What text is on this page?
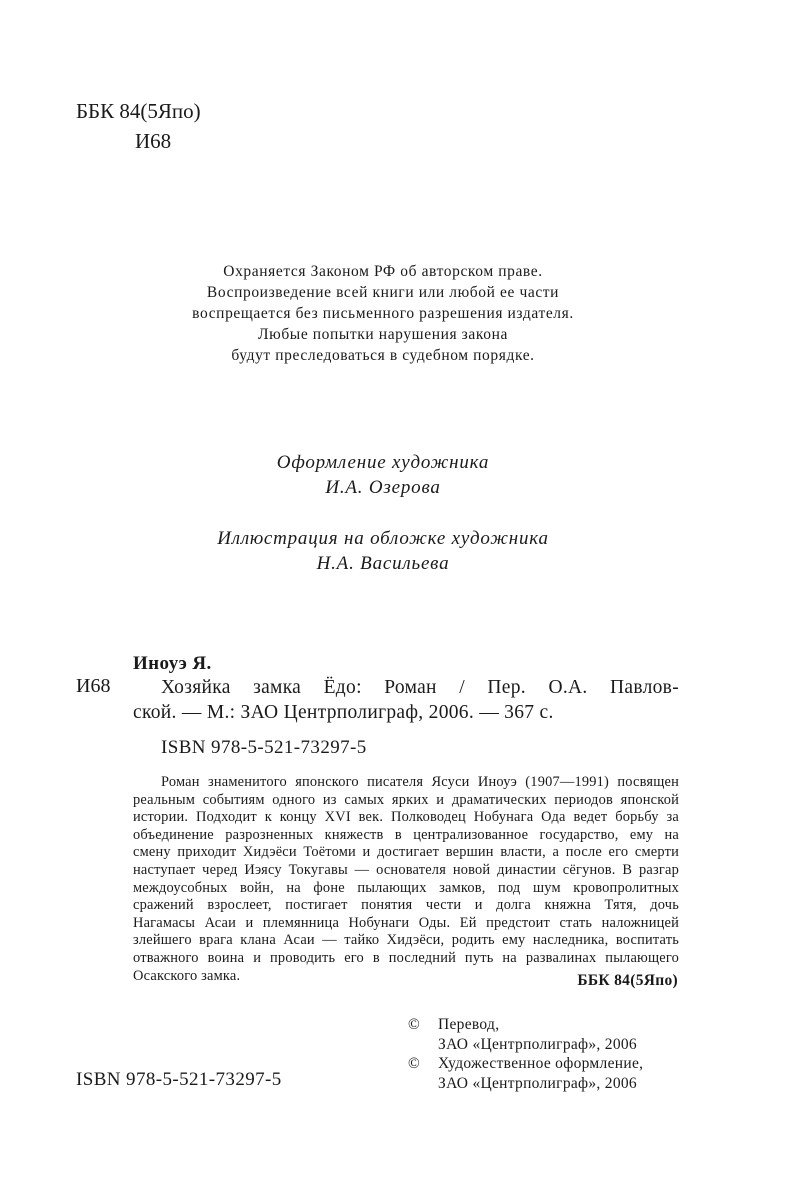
ББК 84(5Япо)
И68
Охраняется Законом РФ об авторском праве.
Воспроизведение всей книги или любой ее части
воспрещается без письменного разрешения издателя.
Любые попытки нарушения закона
будут преследоваться в судебном порядке.
Оформление художника
И.А. Озерова
Иллюстрация на обложке художника
Н.А. Васильева
Иноуэ Я.
И68	Хозяйка замка Ёдо: Роман / Пер. О.А. Павлов-
ской. — М.: ЗАО Центрполиграф, 2006. — 367 с.
ISBN 978-5-521-73297-5
Роман знаменитого японского писателя Ясуси Иноуэ (1907—1991) посвящен
реальным событиям одного из самых ярких и драматических периодов японской
истории. Подходит к концу XVI век. Полководец Нобунага Ода ведет борьбу за
объединение разрозненных княжеств в централизованное государство, ему на
смену приходит Хидэёси Тоётоми и достигает вершин власти, а после его смерти
наступает черед Иэясу Токугавы — основателя новой династии сёгунов. В разгар
междоусобных войн, на фоне пылающих замков, под шум кровопролитных
сражений взрослеет, постигает понятия чести и долга княжна Тятя, дочь
Нагамасы Асаи и племянница Нобунаги Оды. Ей предстоит стать наложницей
злейшего врага клана Асаи — тайко Хидэёси, родить ему наследника, воспитать
отважного воина и проводить его в последний путь на развалинах пылающего
Осакского замка.	ББК 84(5Япо)
©	Перевод,
ЗАО «Центрполиграф», 2006
©	Художественное оформление,
ЗАО «Центрполиграф», 2006
ISBN 978-5-521-73297-5
